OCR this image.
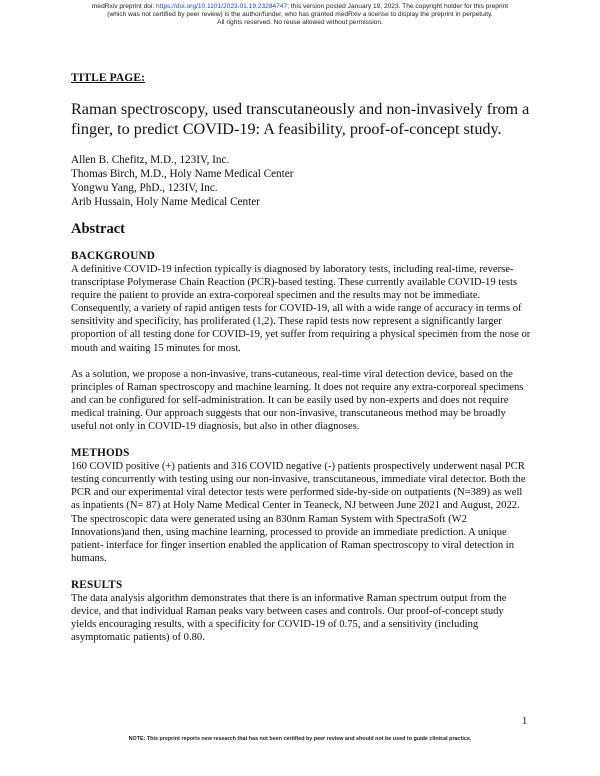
medRxiv preprint doi: https://doi.org/10.1101/2023.01.19.23284747; this version posted January 19, 2023. The copyright holder for this preprint
(which was not certified by peer review) is the author/funder, who has granted medRxiv a license to display the preprint in perpetuity.
All rights reserved. No reuse allowed without permission.
TITLE PAGE:
Raman spectroscopy, used transcutaneously and non-invasively from a finger, to predict COVID-19: A feasibility, proof-of-concept study.
Allen B. Chefitz, M.D., 123IV, Inc.
Thomas Birch, M.D., Holy Name Medical Center
Yongwu Yang, PhD., 123IV, Inc.
Arib Hussain, Holy Name Medical Center
Abstract
BACKGROUND

A definitive COVID-19 infection typically is diagnosed by laboratory tests, including real-time, reverse-transcriptase Polymerase Chain Reaction (PCR)-based testing. These currently available COVID-19 tests require the patient to provide an extra-corporeal specimen and the results may not be immediate. Consequently, a variety of rapid antigen tests for COVID-19, all with a wide range of accuracy in terms of sensitivity and specificity, has proliferated (1,2). These rapid tests now represent a significantly larger proportion of all testing done for COVID-19, yet suffer from requiring a physical specimen from the nose or mouth and waiting 15 minutes for most.

As a solution, we propose a non-invasive, trans-cutaneous, real-time viral detection device, based on the principles of Raman spectroscopy and machine learning. It does not require any extra-corporeal specimens and can be configured for self-administration. It can be easily used by non-experts and does not require medical training. Our approach suggests that our non-invasive, transcutaneous method may be broadly useful not only in COVID-19 diagnosis, but also in other diagnoses.

METHODS

160 COVID positive (+) patients and 316 COVID negative (-) patients prospectively underwent nasal PCR testing concurrently with testing using our non-invasive, transcutaneous, immediate viral detector. Both the PCR and our experimental viral detector tests were performed side-by-side on outpatients (N=389) as well as inpatients (N= 87) at Holy Name Medical Center in Teaneck, NJ between June 2021 and August, 2022. The spectroscopic data were generated using an 830nm Raman System with SpectraSoft (W2 Innovations)and then, using machine learning, processed to provide an immediate prediction. A unique patient- interface for finger insertion enabled the application of Raman spectroscopy to viral detection in humans.

RESULTS

The data analysis algorithm demonstrates that there is an informative Raman spectrum output from the device, and that individual Raman peaks vary between cases and controls. Our proof-of-concept study yields encouraging results, with a specificity for COVID-19 of 0.75, and a sensitivity (including asymptomatic patients) of 0.80.

1
NOTE: This preprint reports new research that has not been certified by peer review and should not be used to guide clinical practice.
